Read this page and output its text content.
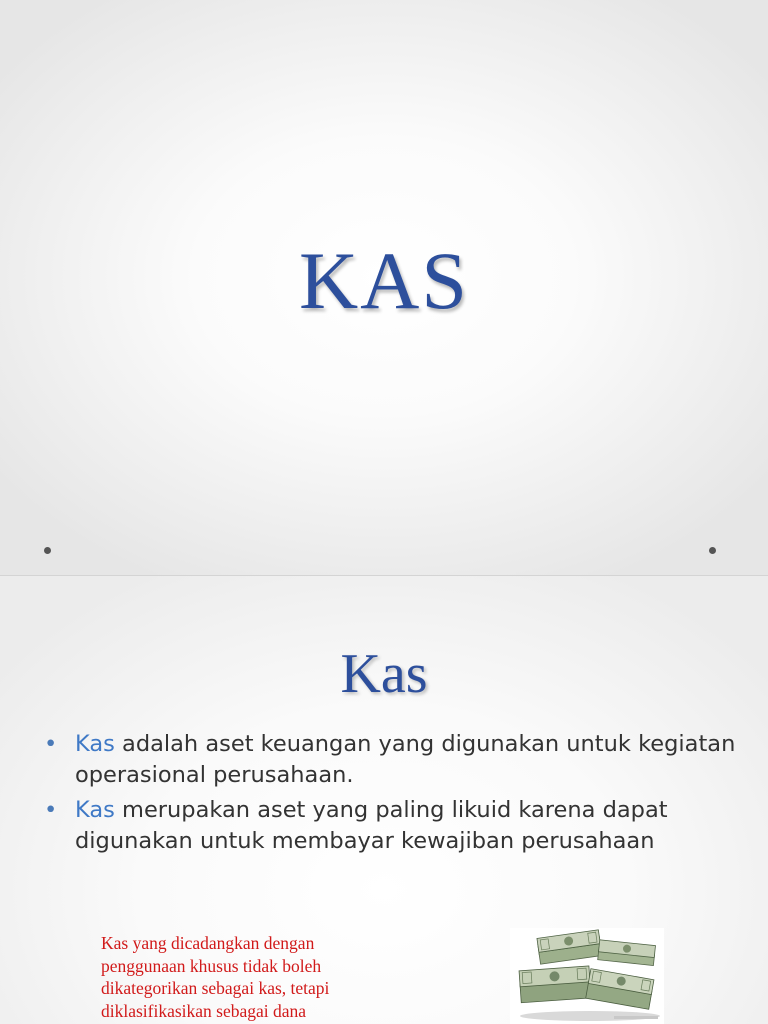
KAS
Kas
• Kas adalah aset keuangan yang digunakan untuk kegiatan operasional perusahaan.
• Kas merupakan aset yang paling likuid karena dapat digunakan untuk membayar kewajiban perusahaan
Kas yang dicadangkan dengan penggunaan khusus tidak boleh dikategorikan sebagai kas, tetapi diklasifikasikan sebagai dana
